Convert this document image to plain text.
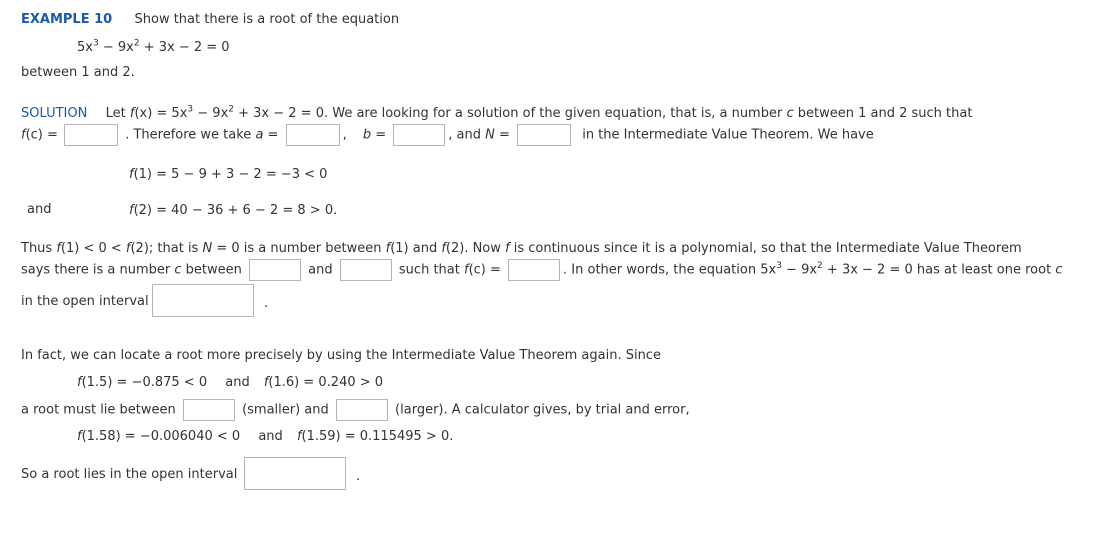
EXAMPLE 10 Show that there is a root of the equation
$5x^3 - 9x^2 + 3x - 2 = 0$
between 1 and 2.
SOLUTION Let $f(x) = 5x^3 - 9x^2 + 3x - 2 = 0$. We are looking for a solution of the given equation, that is, a number c between 1 and 2 such that
f(c) =	. Therefore we take a =	, b =	, and N =	in the Intermediate Value Theorem. We have
f(1) = 5 − 9 + 3 − 2 = −3 < 0
and	f(2) = 40 − 36 + 6 − 2 = 8 > 0.
Thus f(1) < 0 < f(2); that is N = 0 is a number between f(1) and f(2). Now f is continuous since it is a polynomial, so that the Intermediate Value Theorem
says there is a number c between	and	such that f(c) =	. In other words, the equation $5x^3 - 9x^2 + 3x - 2 = 0$ has at least one root c
in the open interval	.
In fact, we can locate a root more precisely by using the Intermediate Value Theorem again. Since
f(1.5) = −0.875 < 0 and f(1.6) = 0.240 > 0
a root must lie between	(smaller) and	(larger). A calculator gives, by trial and error,
f(1.58) = −0.006040 < 0 and f(1.59) = 0.115495 > 0.
So a root lies in the open interval	.
